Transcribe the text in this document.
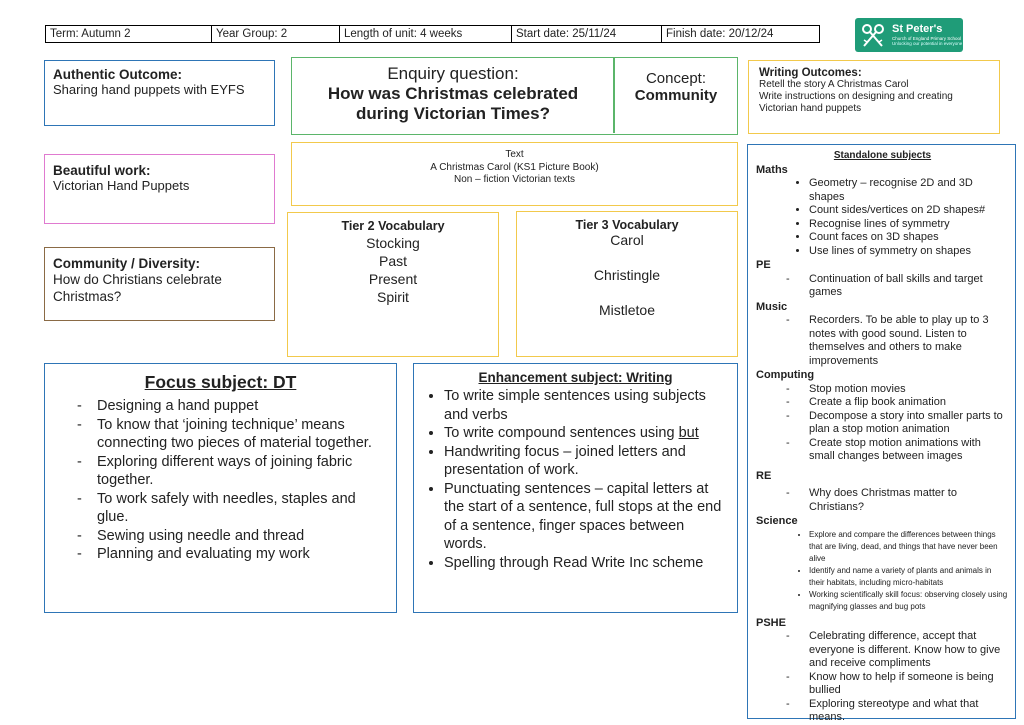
Term: Autumn 2	Year Group: 2	Length of unit: 4 weeks	Start date: 25/11/24	Finish date: 20/12/24	St Peter's
Church of England Primary School
Unlocking our potential in everyone
Authentic Outcome:
Sharing hand puppets with EYFS
Enquiry question:
How was Christmas celebrated during Victorian Times?
Concept:
Community
Writing Outcomes:
Retell the story A Christmas Carol
Write instructions on designing and creating Victorian hand puppets
Beautiful work:
Victorian Hand Puppets
Text
A Christmas Carol (KS1 Picture Book)
Non – fiction Victorian texts
Standalone subjects
Maths
• Geometry – recognise 2D and 3D shapes
• Count sides/vertices on 2D shapes#
• Recognise lines of symmetry
• Count faces on 3D shapes
• Use lines of symmetry on shapes
PE
- Continuation of ball skills and target games
Music
- Recorders. To be able to play up to 3 notes with good sound. Listen to themselves and others to make improvements
Computing
- Stop motion movies
- Create a flip book animation
- Decompose a story into smaller parts to plan a stop motion animation
- Create stop motion animations with small changes between images
RE
- Why does Christmas matter to Christians?
Science
• Explore and compare the differences between things that are living, dead, and things that have never been alive
• Identify and name a variety of plants and animals in their habitats, including micro-habitats
• Working scientifically skill focus: observing closely using magnifying glasses and bug pots
PSHE
- Celebrating difference, accept that everyone is different. Know how to give and receive compliments
- Know how to help if someone is being bullied
- Exploring stereotype and what that means.
Community / Diversity:
How do Christians celebrate Christmas?
Tier 2 Vocabulary
Stocking
Past
Present
Spirit
Tier 3 Vocabulary
Carol
Christingle
Mistletoe
Focus subject: DT
- Designing a hand puppet
- To know that ‘joining technique’ means connecting two pieces of material together.
- Exploring different ways of joining fabric together.
- To work safely with needles, staples and glue.
- Sewing using needle and thread
- Planning and evaluating my work
Enhancement subject: Writing
• To write simple sentences using subjects and verbs
• To write compound sentences using but
• Handwriting focus – joined letters and presentation of work.
• Punctuating sentences – capital letters at the start of a sentence, full stops at the end of a sentence, finger spaces between words.
• Spelling through Read Write Inc scheme
